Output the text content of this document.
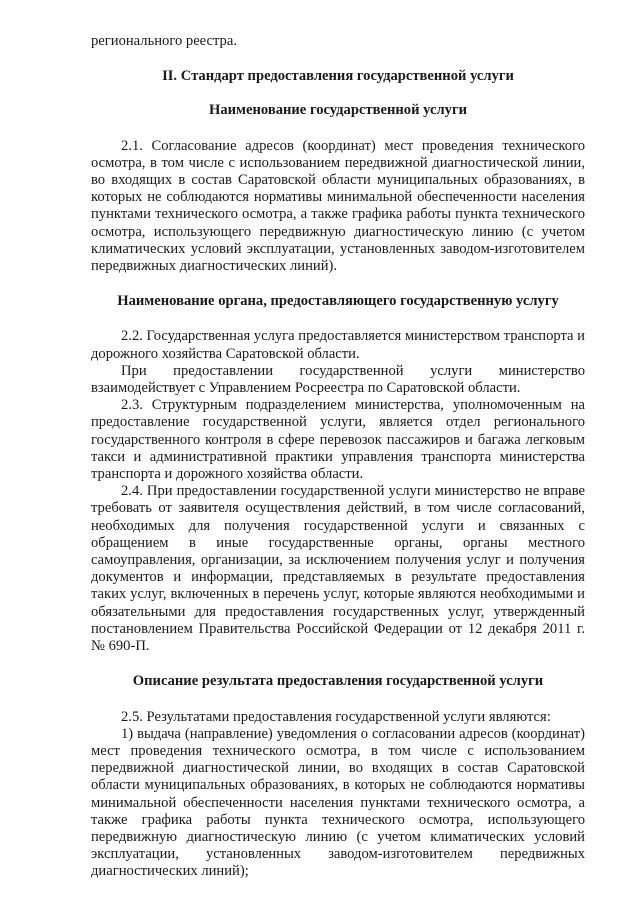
регионального реестра.

II. Стандарт предоставления государственной услуги
Наименование государственной услуги

2.1. Согласование адресов (координат) мест проведения технического осмотра, в том числе с использованием передвижной диагностической линии, во входящих в состав Саратовской области муниципальных образованиях, в которых не соблюдаются нормативы минимальной обеспеченности населения пунктами технического осмотра, а также графика работы пункта технического осмотра, использующего передвижную диагностическую линию (с учетом климатических условий эксплуатации, установленных заводом-изготовителем передвижных диагностических линий).

Наименование органа, предоставляющего государственную услугу

2.2. Государственная услуга предоставляется министерством транспорта и дорожного хозяйства Саратовской области.

При предоставлении государственной услуги министерство взаимодействует с Управлением Росреестра по Саратовской области.

2.3. Структурным подразделением министерства, уполномоченным на предоставление государственной услуги, является отдел регионального государственного контроля в сфере перевозок пассажиров и багажа легковым такси и административной практики управления транспорта министерства транспорта и дорожного хозяйства области.

2.4. При предоставлении государственной услуги министерство не вправе требовать от заявителя осуществления действий, в том числе согласований, необходимых для получения государственной услуги и связанных с обращением в иные государственные органы, органы местного самоуправления, организации, за исключением получения услуг и получения документов и информации, представляемых в результате предоставления таких услуг, включенных в перечень услуг, которые являются необходимыми и обязательными для предоставления государственных услуг, утвержденный постановлением Правительства Российской Федерации от 12 декабря 2011 г. № 690-П.

Описание результата предоставления государственной услуги

2.5. Результатами предоставления государственной услуги являются:

1) выдача (направление) уведомления о согласовании адресов (координат) мест проведения технического осмотра, в том числе с использованием передвижной диагностической линии, во входящих в состав Саратовской области муниципальных образованиях, в которых не соблюдаются нормативы минимальной обеспеченности населения пунктами технического осмотра, а также графика работы пункта технического осмотра, использующего передвижную диагностическую линию (с учетом климатических условий эксплуатации, установленных заводом-изготовителем передвижных диагностических линий);
